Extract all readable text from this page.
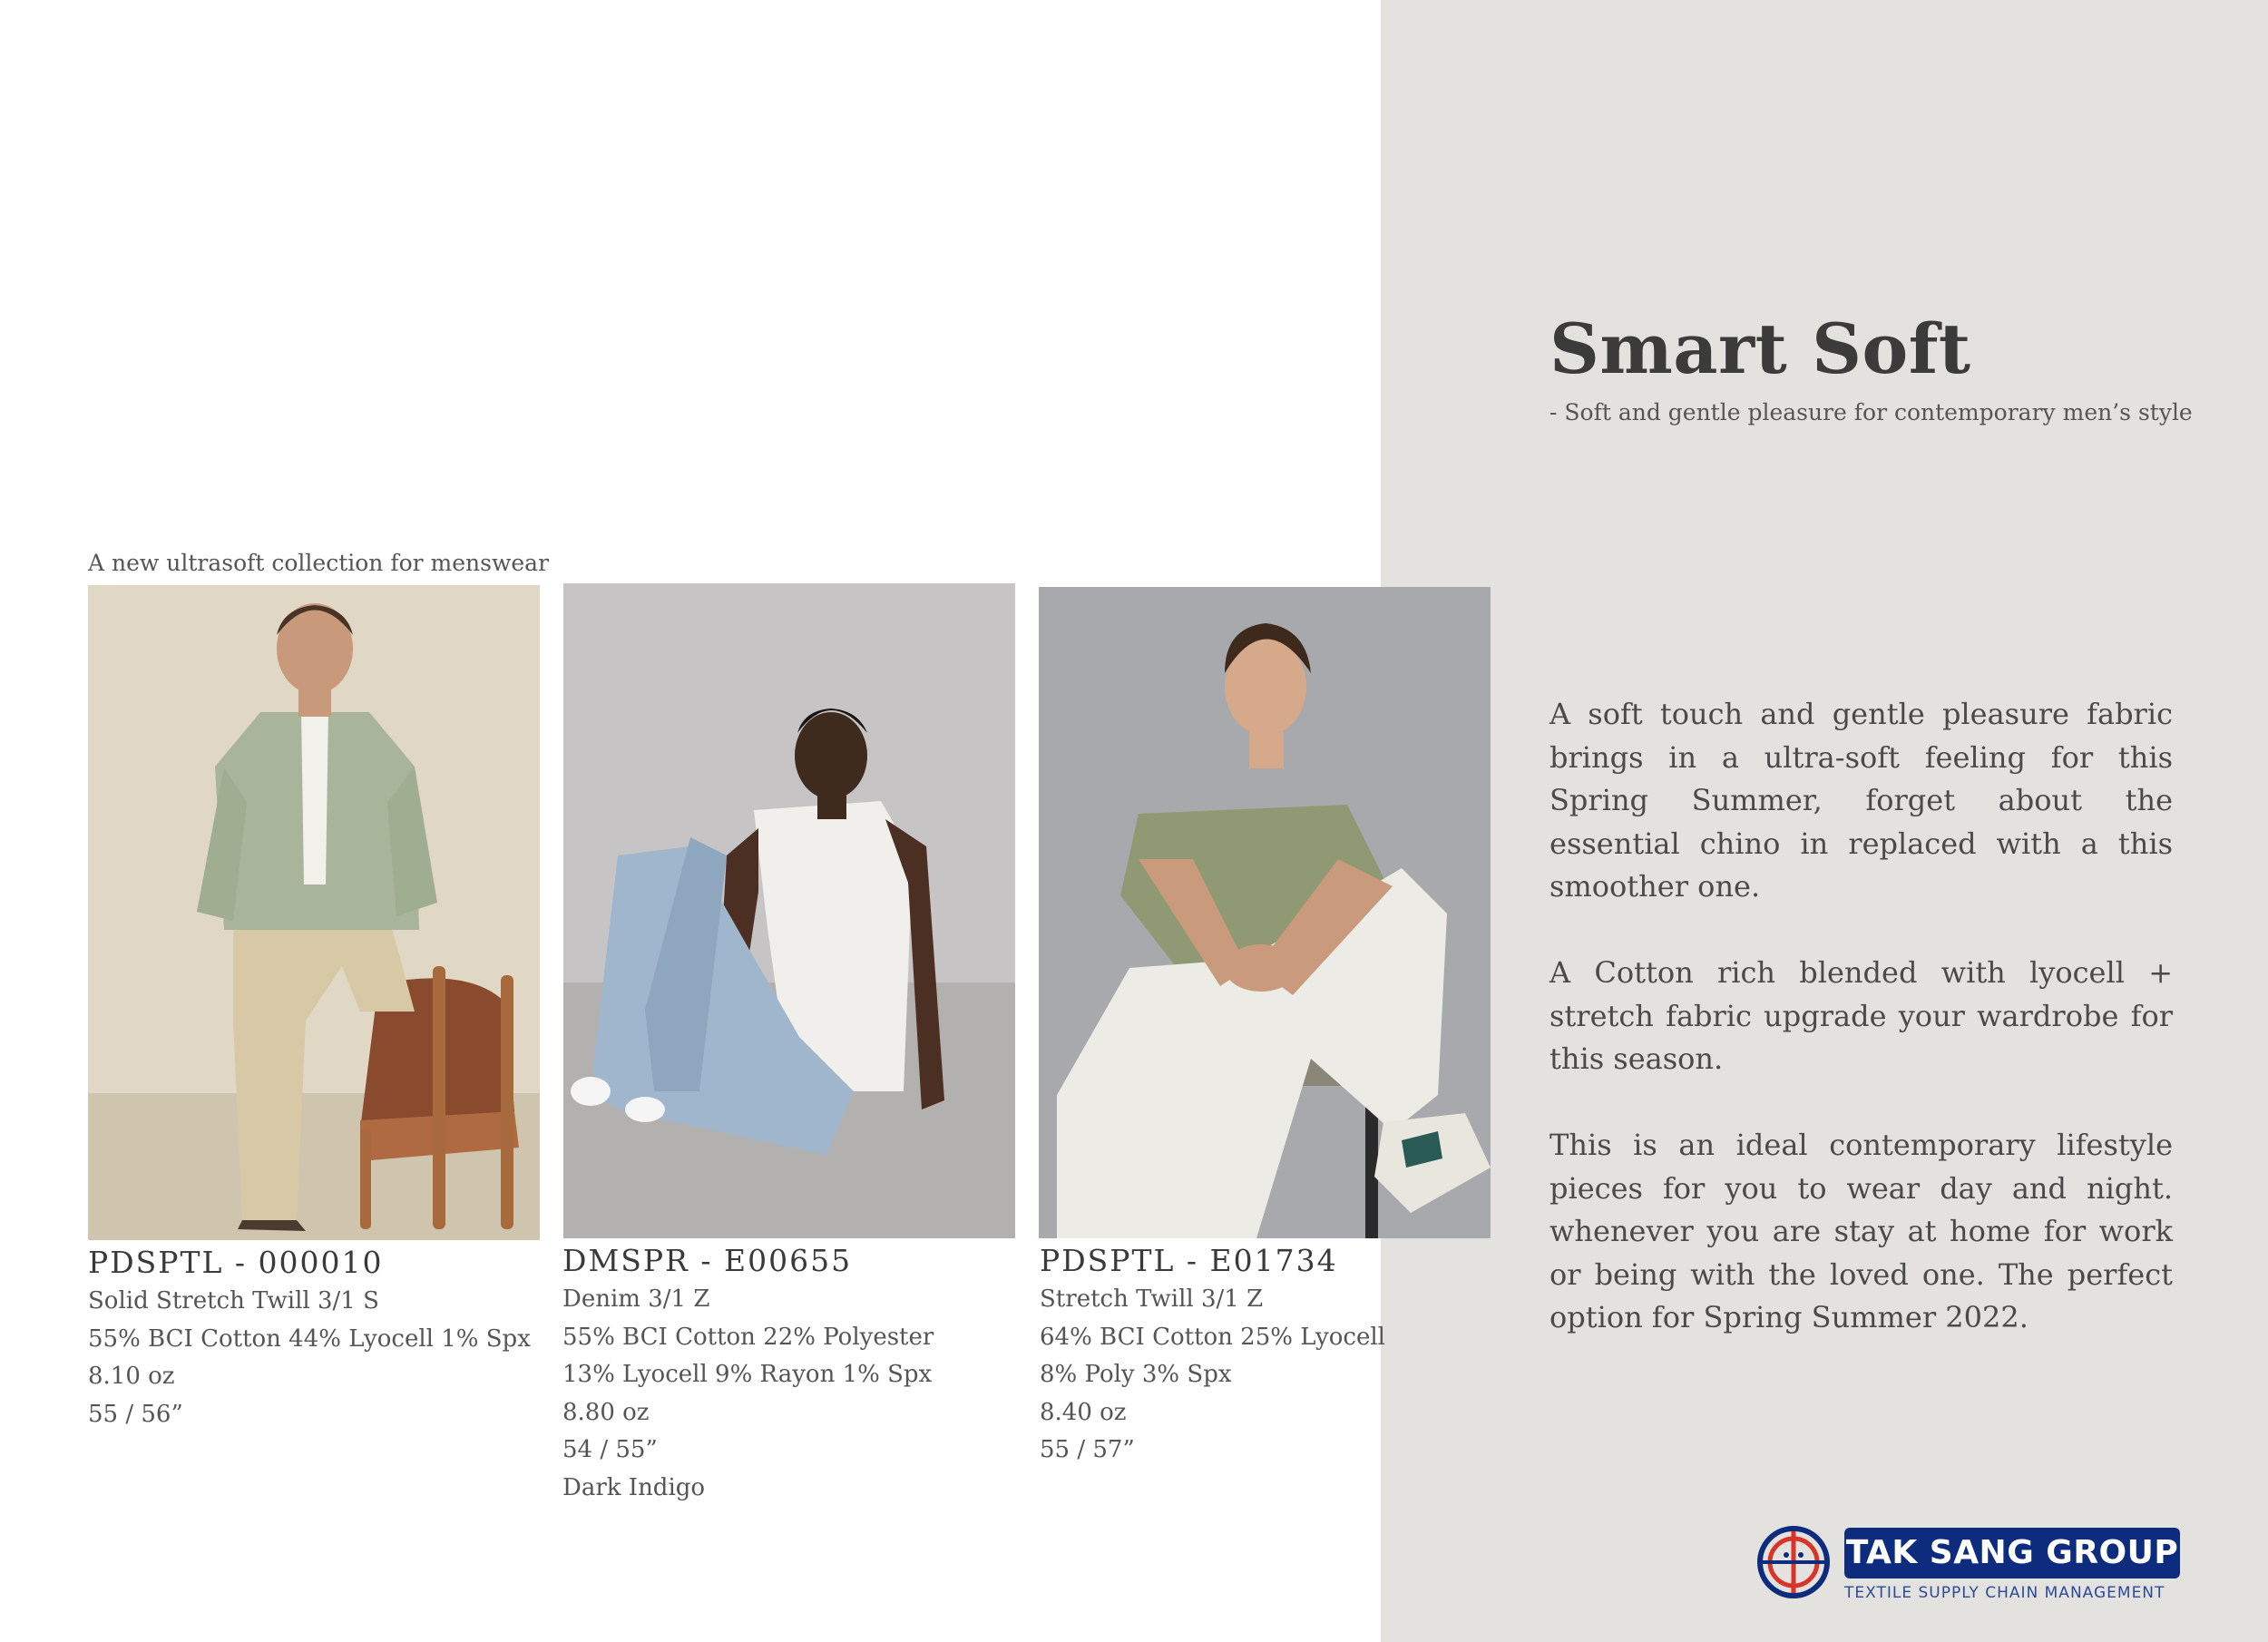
Smart Soft
- Soft and gentle pleasure for contemporary men’s style

A soft touch and gentle pleasure fabric brings in a ultra-soft feeling for this Spring Summer, forget about the essential chino in replaced with a this smoother one.

A Cotton rich blended with lyocell + stretch fabric upgrade your wardrobe for this season.

This is an ideal contemporary lifestyle pieces for you to wear day and night. whenever you are stay at home for work or being with the loved one. The perfect option for Spring Summer 2022.

A new ultrasoft collection for menswear
PDSPTL - 000010
Solid Stretch Twill 3/1 S
55% BCI Cotton 44% Lyocell 1% Spx
8.10 oz
55 / 56”
DMSPR - E00655
Denim 3/1 Z
55% BCI Cotton 22% Polyester
13% Lyocell 9% Rayon 1% Spx
8.80 oz
54 / 55”
Dark Indigo
PDSPTL - E01734
Stretch Twill 3/1 Z
64% BCI Cotton 25% Lyocell
8% Poly 3% Spx
8.40 oz
55 / 57”
TAK SANG GROUP
TEXTILE SUPPLY CHAIN MANAGEMENT
